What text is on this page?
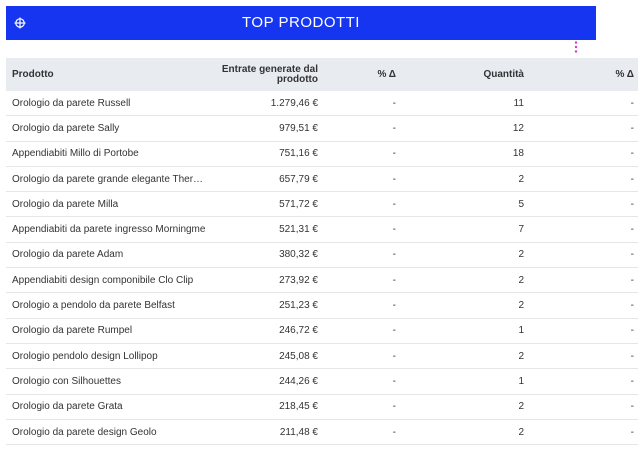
TOP PRODOTTI
Prodotto	Entrate generate dal prodotto	% Δ	Quantità	% Δ
Orologio da parete Russell	1.279,46 €	-	11	-
Orologio da parete Sally	979,51 €	-	12	-
Appendiabiti Millo di Portobe	751,16 €	-	18	-
Orologio da parete grande elegante Ther…	657,79 €	-	2	-
Orologio da parete Milla	571,72 €	-	5	-
Appendiabiti da parete ingresso Morningme	521,31 €	-	7	-
Orologio da parete Adam	380,32 €	-	2	-
Appendiabiti design componibile Clo Clip	273,92 €	-	2	-
Orologio a pendolo da parete Belfast	251,23 €	-	2	-
Orologio da parete Rumpel	246,72 €	-	1	-
Orologio pendolo design Lollipop	245,08 €	-	2	-
Orologio con Silhouettes	244,26 €	-	1	-
Orologio da parete Grata	218,45 €	-	2	-
Orologio da parete design Geolo	211,48 €	-	2	-
